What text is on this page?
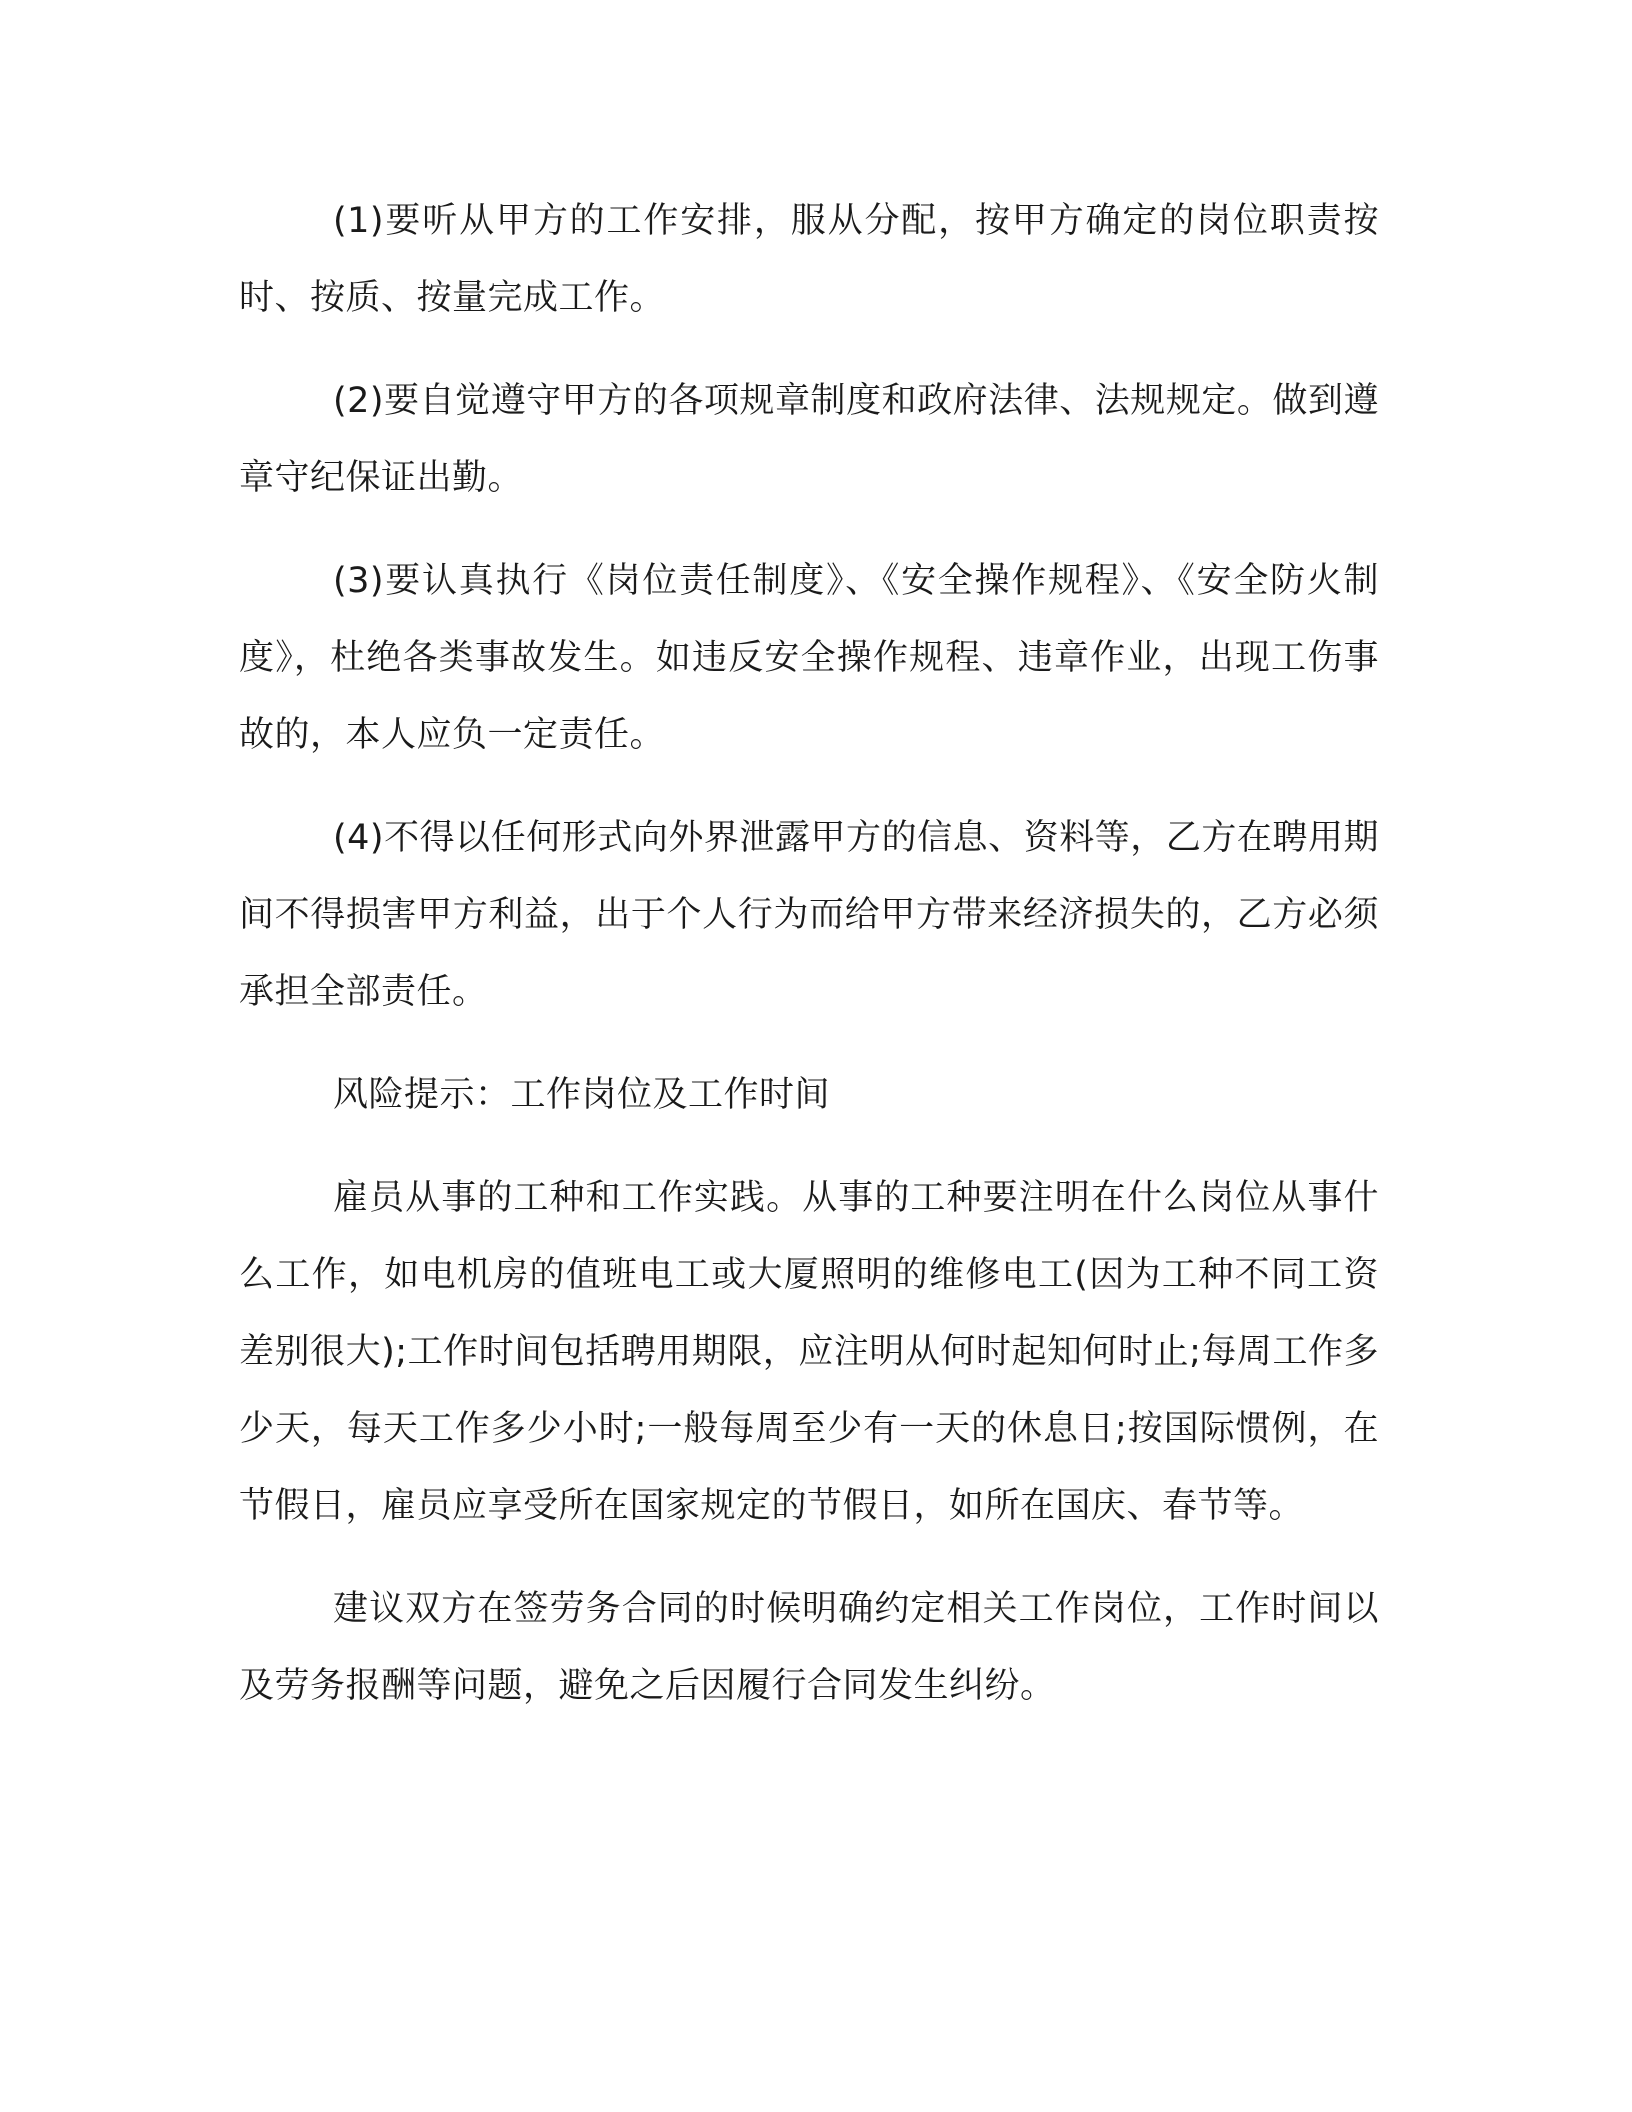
(1)要听从甲方的工作安排，服从分配，按甲方确定的岗位职责按时、按质、按量完成工作。

(2)要自觉遵守甲方的各项规章制度和政府法律、法规规定。做到遵章守纪保证出勤。

(3)要认真执行《岗位责任制度》、《安全操作规程》、《安全防火制度》，杜绝各类事故发生。如违反安全操作规程、违章作业，出现工伤事故的，本人应负一定责任。

(4)不得以任何形式向外界泄露甲方的信息、资料等，乙方在聘用期间不得损害甲方利益，出于个人行为而给甲方带来经济损失的，乙方必须承担全部责任。

风险提示：工作岗位及工作时间

雇员从事的工种和工作实践。从事的工种要注明在什么岗位从事什么工作，如电机房的值班电工或大厦照明的维修电工(因为工种不同工资差别很大);工作时间包括聘用期限，应注明从何时起知何时止;每周工作多少天，每天工作多少小时;一般每周至少有一天的休息日;按国际惯例，在节假日，雇员应享受所在国家规定的节假日，如所在国庆、春节等。

建议双方在签劳务合同的时候明确约定相关工作岗位，工作时间以及劳务报酬等问题，避免之后因履行合同发生纠纷。
